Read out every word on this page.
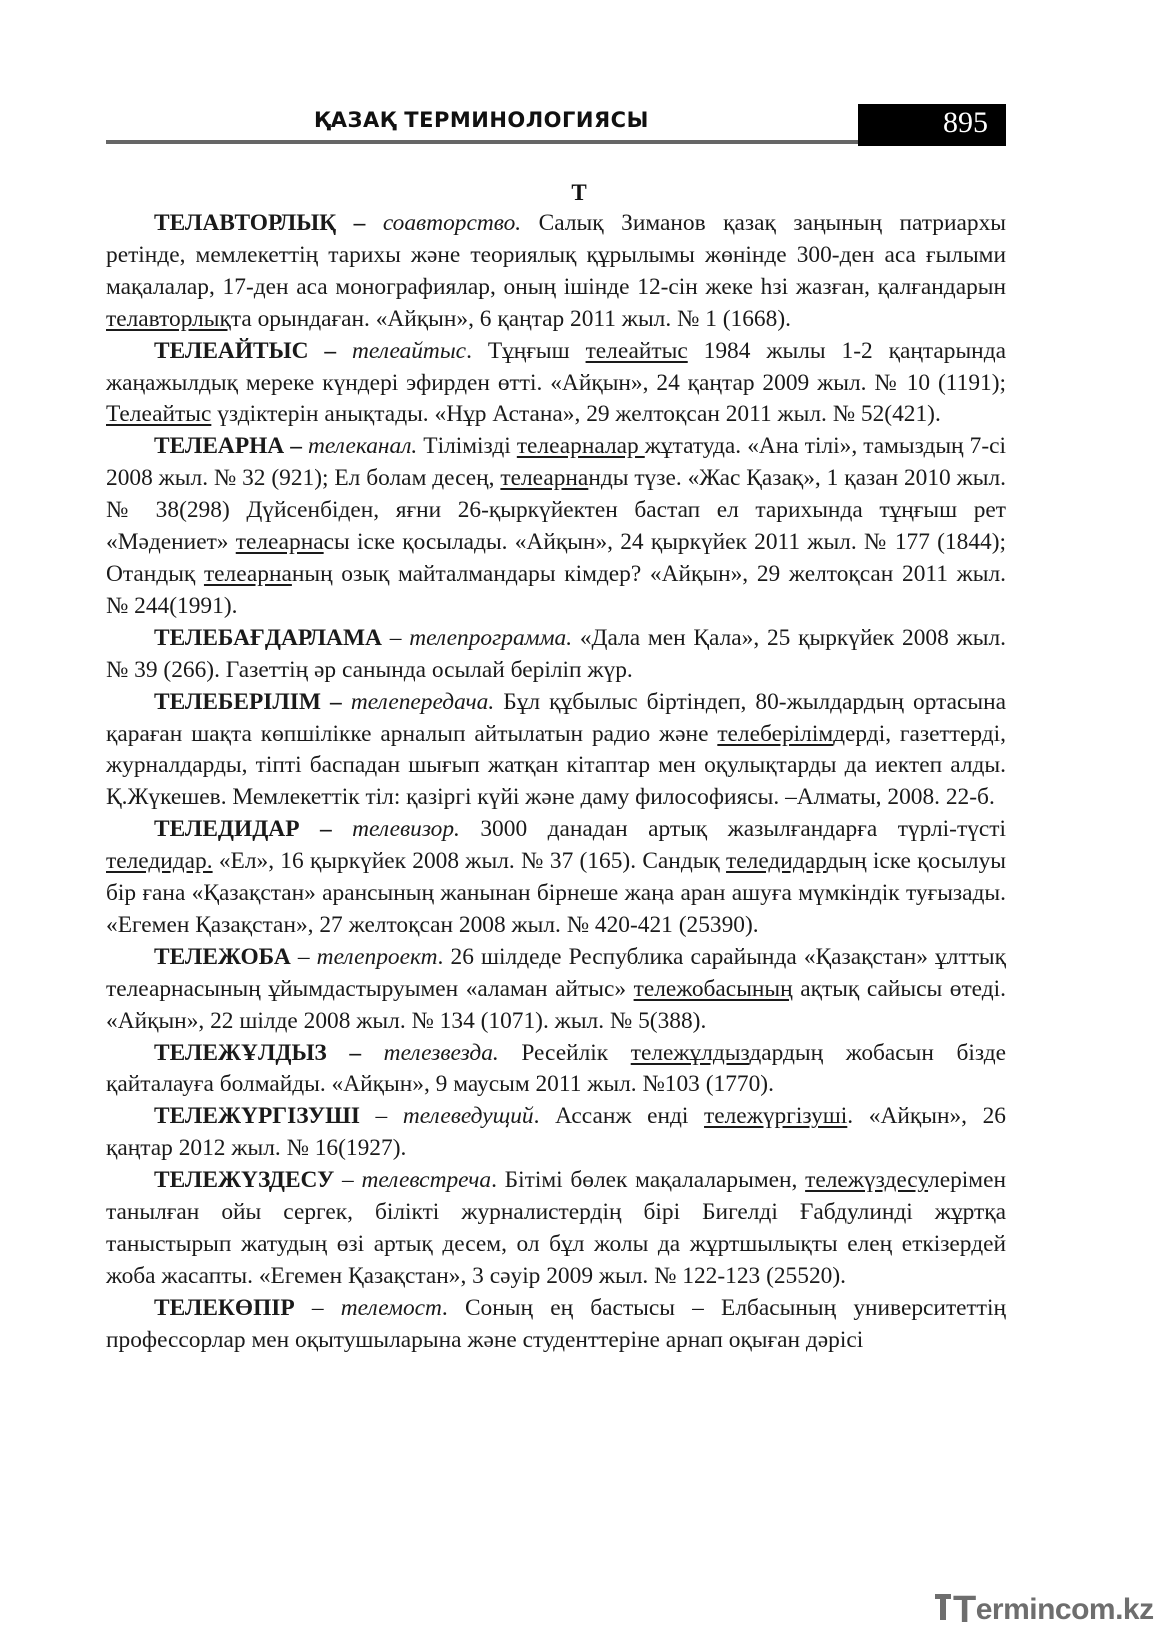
ҚАЗАҚ ТЕРМИНОЛОГИЯСЫ	895
Т

ТЕЛАВТОРЛЫҚ – соавторство. Салық Зиманов қазақ заңының патриархы ретінде, мемлекеттің тарихы және теориялық құрылымы жөнінде 300-ден аса ғылыми мақалалар, 17-ден аса монографиялар, оның ішінде 12-сін жеке һзі жазған, қалғандарын телавторлықта орындаған. «Айқын», 6 қаңтар 2011 жыл. № 1 (1668).

ТЕЛЕАЙТЫС – телеайтыс. Тұңғыш телеайтыс 1984 жылы 1-2 қаңтарында жаңажылдық мереке күндері эфирден өтті. «Айқын», 24 қаңтар 2009 жыл. № 10 (1191); Телеайтыс үздіктерін анықтады. «Нұр Астана», 29 желтоқсан 2011 жыл. № 52(421).

ТЕЛЕАРНА – телеканал. Тілімізді телеарналар жұтатуда. «Ана тілі», тамыздың 7-сі 2008 жыл. № 32 (921); Ел болам десең, телеарнанды түзе. «Жас Қазақ», 1 қазан 2010 жыл. № 38(298) Дүйсенбіден, яғни 26-қыркүйектен бастап ел тарихында тұңғыш рет «Мәдениет» телеарнасы іске қосылады. «Айқын», 24 қыркүйек 2011 жыл. № 177 (1844); Отандық телеарнаның озық майталмандары кімдер? «Айқын», 29 желтоқсан 2011 жыл. № 244(1991).

ТЕЛЕБАҒДАРЛАМА – телепрограмма. «Дала мен Қала», 25 қыркүйек 2008 жыл. № 39 (266). Газеттің әр санында осылай беріліп жүр.

ТЕЛЕБЕРІЛІМ – телепередача. Бұл құбылыс біртіндеп, 80-жылдардың ортасына қараған шақта көпшілікке арналып айтылатын радио және телеберілімдерді, газеттерді, журналдарды, тіпті баспадан шығып жатқан кітаптар мен оқулықтарды да иектеп алды. Қ.Жүкешев. Мемлекеттік тіл: қазіргі күйі және даму философиясы. –Алматы, 2008. 22-б.

ТЕЛЕДИДАР – телевизор. 3000 данадан артық жазылғандарға түрлі-түсті теледидар. «Ел», 16 қыркүйек 2008 жыл. № 37 (165). Сандық теледидардың іске қосылуы бір ғана «Қазақстан» арансының жанынан бірнеше жаңа аран ашуға мүмкіндік туғызады. «Егемен Қазақстан», 27 желтоқсан 2008 жыл. № 420-421 (25390).

ТЕЛЕЖОБА – телепроект. 26 шілдеде Республика сарайында «Қазақстан» ұлттық телеарнасының ұйымдастыруымен «аламан айтыс» тележобасының ақтық сайысы өтеді. «Айқын», 22 шілде 2008 жыл. № 134 (1071). жыл. № 5(388).

ТЕЛЕЖҰЛДЫЗ – телезвезда. Ресейлік тележұлдыздардың жобасын бізде қайталауға болмайды. «Айқын», 9 маусым 2011 жыл. №103 (1770).

ТЕЛЕЖҮРГІЗУШІ – телеведущий. Ассанж енді тележүргізуші. «Айқын», 26 қаңтар 2012 жыл. № 16(1927).

ТЕЛЕЖҮЗДЕСУ – телевстреча. Бітімі бөлек мақалаларымен, тележүздесулерімен танылған ойы сергек, білікті журналистердің бірі Бигелді Ғабдулинді жұртқа таныстырып жатудың өзі артық десем, ол бұл жолы да жұртшылықты елең еткізердей жоба жасапты. «Егемен Қазақстан», 3 сәуір 2009 жыл. № 122-123 (25520).

ТЕЛЕКӨПІР – телемост. Соның ең бастысы – Елбасының университеттің профессорлар мен оқытушыларына және студенттеріне арнап оқыған дәрісі

Termincom.kz
